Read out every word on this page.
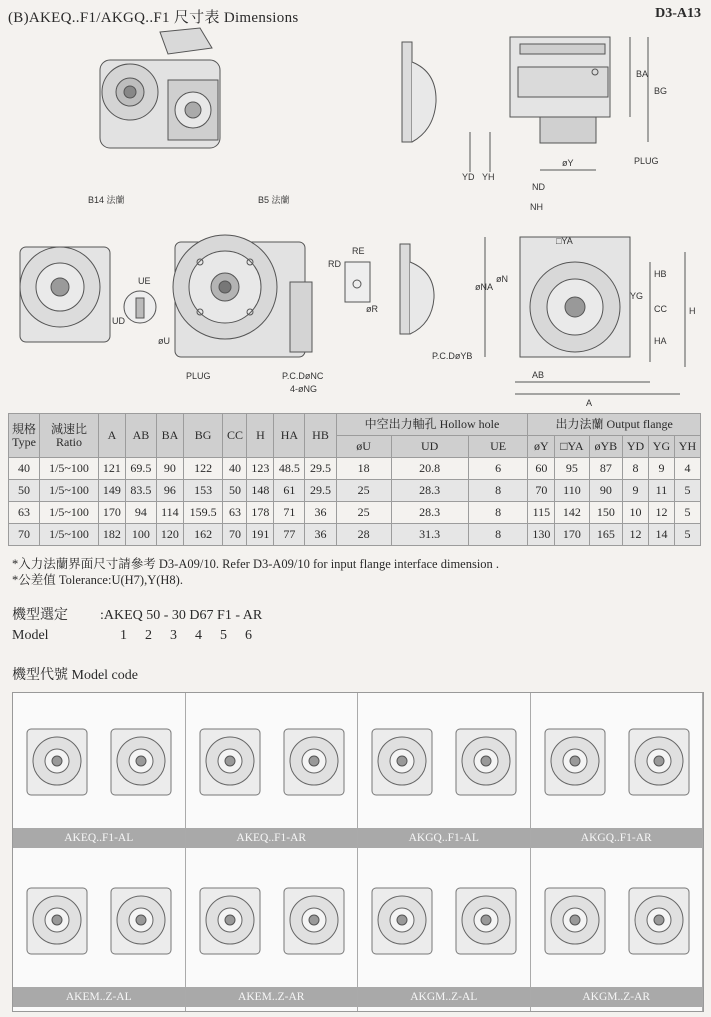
(B)AKEQ..F1/AKGQ..F1 尺寸表 Dimensions	D3-A13
B14 法蘭	B5 法蘭
BA
BG
YD YH
øY	PLUG
ND
NH
□YA
øNA
øN
YG
HB
CC H
HA
AB
A
P.C.DøYB
UE
UD
øU
RD
RE
øR
PLUG	P.C.DøNC
4-øNG
規格 Type	減速比 Ratio	A	AB	BA	BG	CC	H	HA	HB	中空出力軸孔 Hollow hole			出力法蘭 Output flange					
										øU	UD	UE	øY	□YA	øYB	YD	YG	YH
40	1/5~100	121	69.5	90	122	40	123	48.5	29.5	18	20.8	6	60	95	87	8	9	4
50	1/5~100	149	83.5	96	153	50	148	61	29.5	25	28.3	8	70	110	90	9	11	5
63	1/5~100	170	94	114	159.5	63	178	71	36	25	28.3	8	115	142	150	10	12	5
70	1/5~100	182	100	120	162	70	191	77	36	28	31.3	8	130	170	165	12	14	5
*入力法蘭界面尺寸請參考 D3-A09/10. Refer D3-A09/10 for input flange interface dimension .
*公差值 Tolerance:U(H7),Y(H8).
機型選定	:AKEQ 50 - 30 D67 F1 - AR
Model	1 2 3 4 5 6
機型代號 Model code
AKEQ..F1-AL	AKEQ..F1-AR	AKGQ..F1-AL	AKGQ..F1-AR
AKEM..Z-AL	AKEM..Z-AR	AKGM..Z-AL	AKGM..Z-AR
